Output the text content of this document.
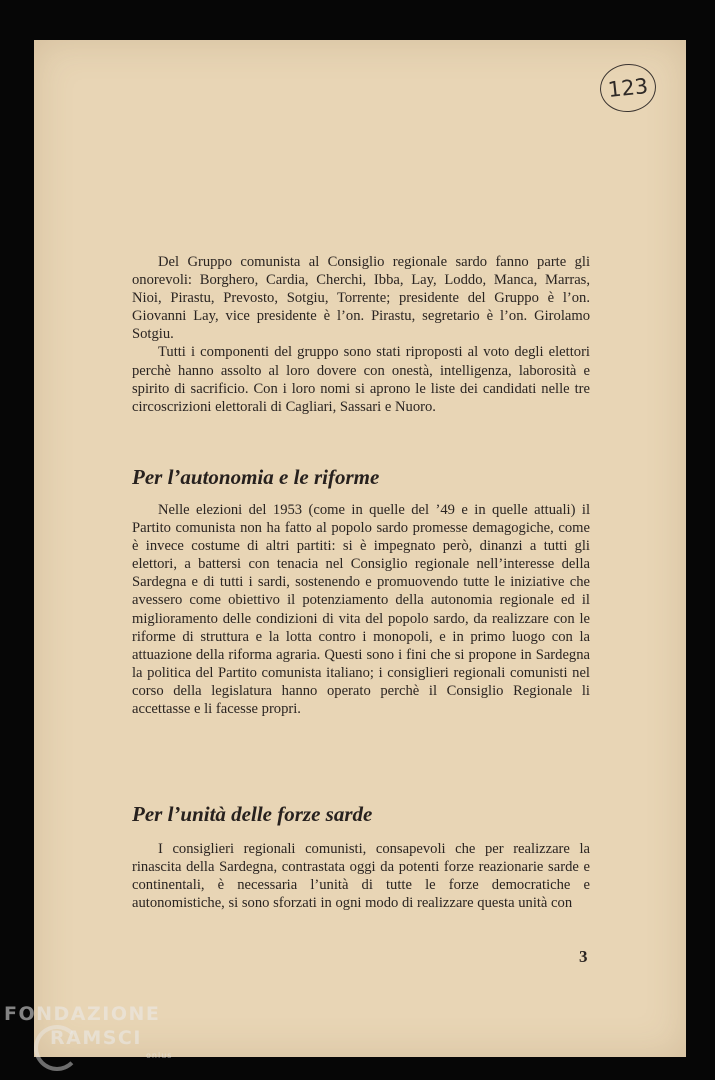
123

Del Gruppo comunista al Consiglio regionale sardo fanno parte gli onorevoli: Borghero, Cardia, Cherchi, Ibba, Lay, Loddo, Manca, Marras, Nioi, Pirastu, Prevosto, Sotgiu, Torrente; presidente del Gruppo è l’on. Giovanni Lay, vice presidente è l’on. Pirastu, segretario è l’on. Girolamo Sotgiu.

Tutti i componenti del gruppo sono stati riproposti al voto degli elettori perchè hanno assolto al loro dovere con onestà, intelligenza, laborosità e spirito di sacrificio. Con i loro nomi si aprono le liste dei candidati nelle tre circoscrizioni elettorali di Cagliari, Sassari e Nuoro.

Per l’autonomia e le riforme

Nelle elezioni del 1953 (come in quelle del ’49 e in quelle attuali) il Partito comunista non ha fatto al popolo sardo promesse demagogiche, come è invece costume di altri partiti: si è impegnato però, dinanzi a tutti gli elettori, a battersi con tenacia nel Consiglio regionale nell’interesse della Sardegna e di tutti i sardi, sostenendo e promuovendo tutte le iniziative che avessero come obiettivo il potenziamento della autonomia regionale ed il miglioramento delle condizioni di vita del popolo sardo, da realizzare con le riforme di struttura e la lotta contro i monopoli, e in primo luogo con la attuazione della riforma agraria. Questi sono i fini che si propone in Sardegna la politica del Partito comunista italiano; i consiglieri regionali comunisti nel corso della legislatura hanno operato perchè il Consiglio Regionale li accettasse e li facesse propri.

Per l’unità delle forze sarde

I consiglieri regionali comunisti, consapevoli che per realizzare la rinascita della Sardegna, contrastata oggi da potenti forze reazionarie sarde e continentali, è necessaria l’unità di tutte le forze democratiche e autonomistiche, si sono sforzati in ogni modo di realizzare questa unità con

3
FONDAZIONE
RAMSCI
onlus
